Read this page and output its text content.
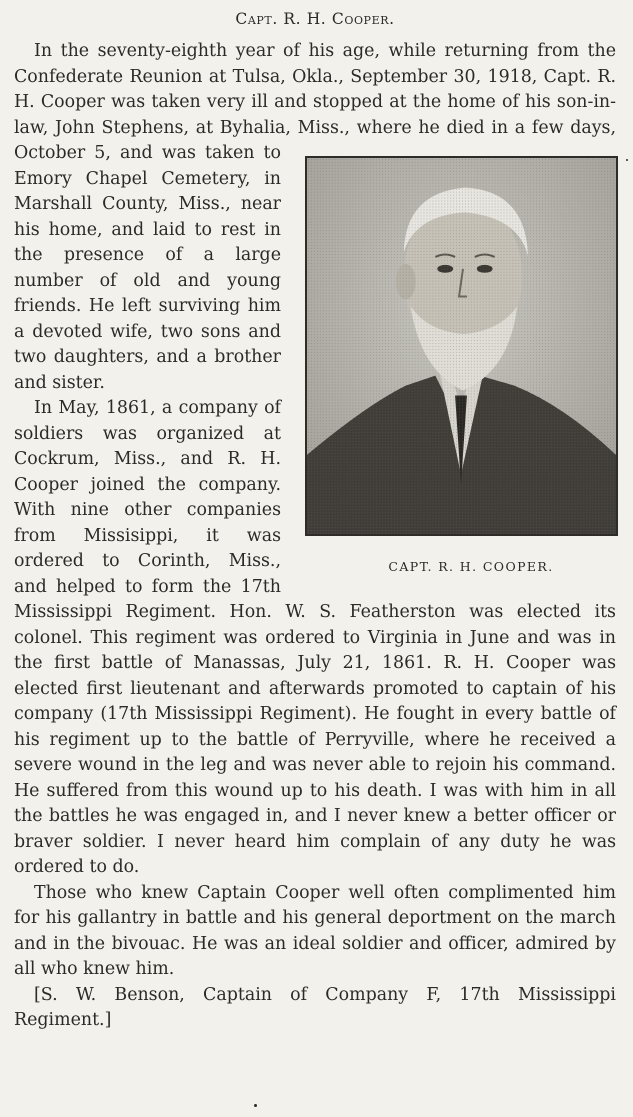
Capt. R. H. Cooper.

In the seventy-eighth year of his age, while returning from the Confederate Reunion at Tulsa, Okla., September 30, 1918, Capt. R. H. Cooper was taken very ill and stopped at the home of his son-in-law, John Stephens, at Byhalia, Miss.,
CAPT. R. H. COOPER.
where he died in a few days, October 5, and was taken to Emory Chapel Cemetery, in Marshall County, Miss., near his home, and laid to rest in the presence of a large number of old and young friends. He left surviving him a devoted wife, two sons and two daughters, and a brother and sister.

In May, 1861, a company of soldiers was organized at Cockrum, Miss., and R. H. Cooper joined the company. With nine other companies from Missisippi, it was ordered to Corinth, Miss., and helped to form the 17th Mississippi Regiment. Hon. W. S. Featherston was elected its colonel. This regiment was ordered to Virginia in June and was in the first battle of Manassas, July 21, 1861. R. H. Cooper was elected first lieutenant and afterwards promoted to captain of his company (17th Mississippi Regiment). He fought in every battle of his regiment up to the battle of Perryville, where he received a severe wound in the leg and was never able to rejoin his command. He suffered from this wound up to his death. I was with him in all the battles he was engaged in, and I never knew a better officer or braver soldier. I never heard him complain of any duty he was ordered to do.

Those who knew Captain Cooper well often complimented him for his gallantry in battle and his general deportment on the march and in the bivouac. He was an ideal soldier and officer, admired by all who knew him.

[S. W. Benson, Captain of Company F, 17th Mississippi Regiment.]
